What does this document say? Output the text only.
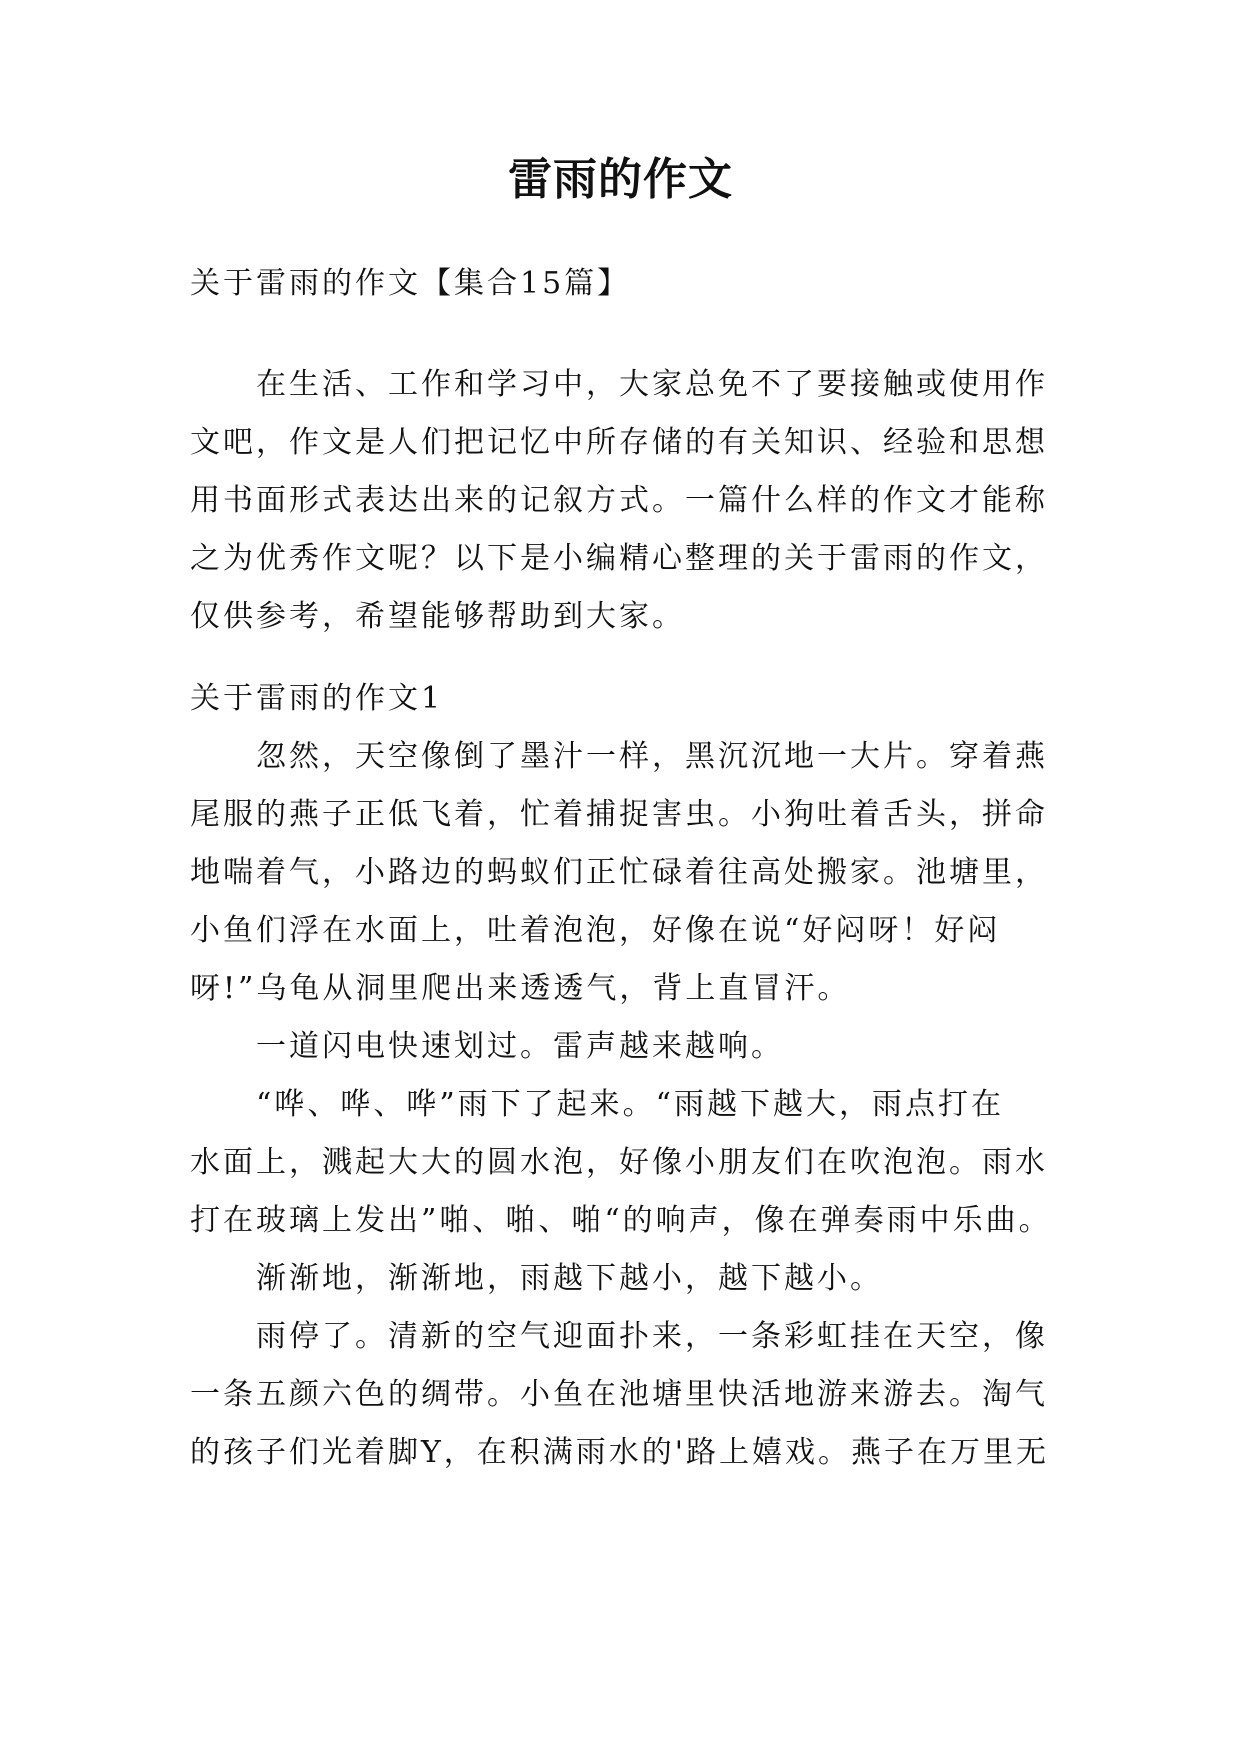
雷雨的作文
关于雷雨的作文【集合15篇】
在生活、工作和学习中，大家总免不了要接触或使用作
文吧，作文是人们把记忆中所存储的有关知识、经验和思想
用书面形式表达出来的记叙方式。一篇什么样的作文才能称
之为优秀作文呢？以下是小编精心整理的关于雷雨的作文，
仅供参考，希望能够帮助到大家。
关于雷雨的作文1
忽然，天空像倒了墨汁一样，黑沉沉地一大片。穿着燕
尾服的燕子正低飞着，忙着捕捉害虫。小狗吐着舌头，拼命
地喘着气，小路边的蚂蚁们正忙碌着往高处搬家。池塘里，
小鱼们浮在水面上，吐着泡泡，好像在说“好闷呀！好闷
呀!”乌龟从洞里爬出来透透气，背上直冒汗。
一道闪电快速划过。雷声越来越响。
“哗、哗、哗”雨下了起来。“雨越下越大，雨点打在
水面上，溅起大大的圆水泡，好像小朋友们在吹泡泡。雨水
打在玻璃上发出”啪、啪、啪“的响声，像在弹奏雨中乐曲。
渐渐地，渐渐地，雨越下越小，越下越小。
雨停了。清新的空气迎面扑来，一条彩虹挂在天空，像
一条五颜六色的绸带。小鱼在池塘里快活地游来游去。淘气
的孩子们光着脚Y，在积满雨水的'路上嬉戏。燕子在万里无
